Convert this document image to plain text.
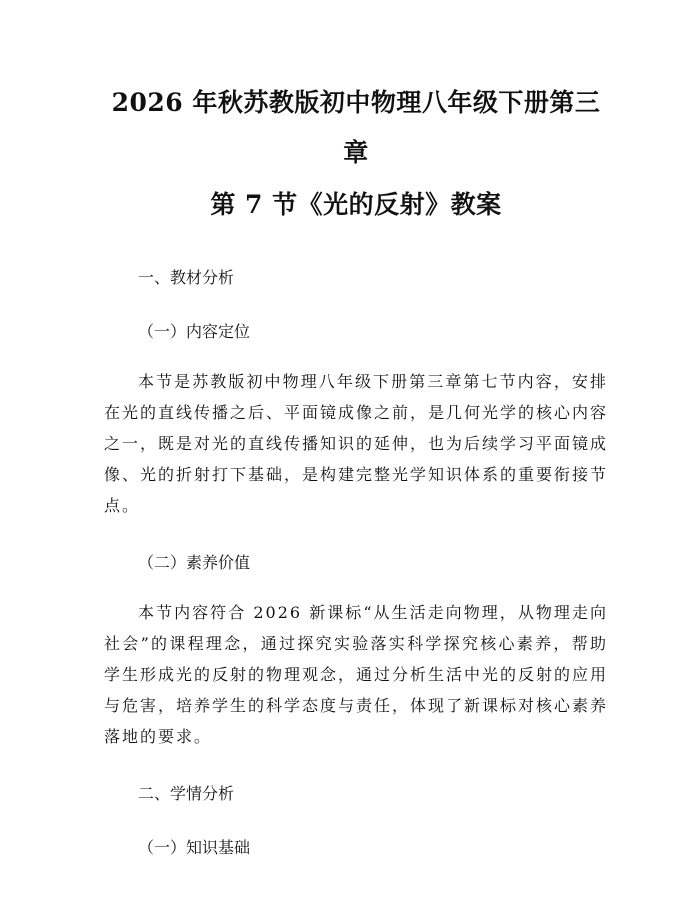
2026 年秋苏教版初中物理八年级下册第三章
第 7 节《光的反射》教案

一、教材分析

（一）内容定位

本节是苏教版初中物理八年级下册第三章第七节内容，安排在光的直线传播之后、平面镜成像之前，是几何光学的核心内容之一，既是对光的直线传播知识的延伸，也为后续学习平面镜成像、光的折射打下基础，是构建完整光学知识体系的重要衔接节点。

（二）素养价值

本节内容符合 2026 新课标“从生活走向物理，从物理走向社会”的课程理念，通过探究实验落实科学探究核心素养，帮助学生形成光的反射的物理观念，通过分析生活中光的反射的应用与危害，培养学生的科学态度与责任，体现了新课标对核心素养落地的要求。

二、学情分析

（一）知识基础
